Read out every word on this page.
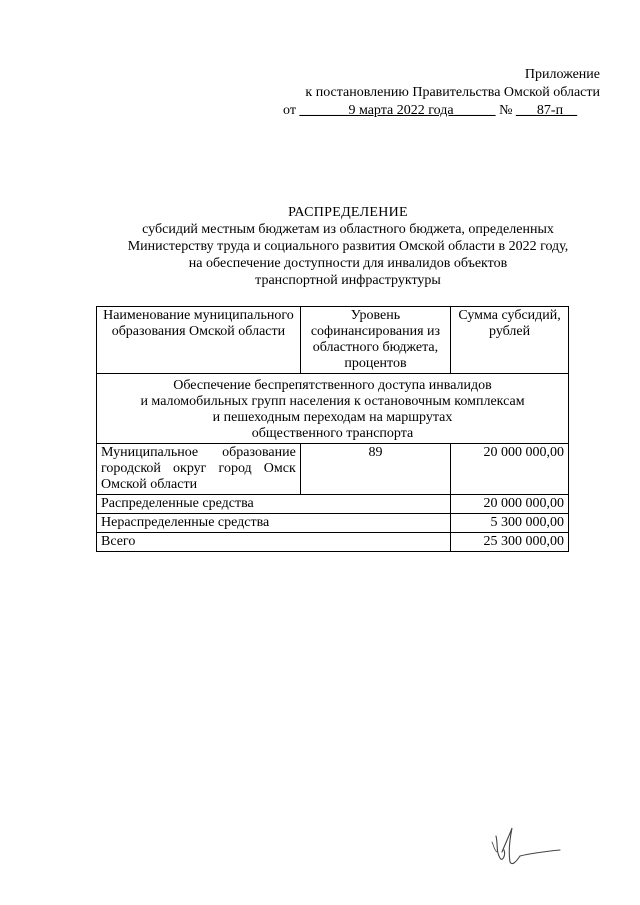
Приложение
к постановлению Правительства Омской области
от _______9 марта 2022 года______ № ___87-п__
РАСПРЕДЕЛЕНИЕ
субсидий местным бюджетам из областного бюджета, определенных
Министерству труда и социального развития Омской области в 2022 году,
на обеспечение доступности для инвалидов объектов
транспортной инфраструктуры
Наименование муниципального образования Омской области	Уровень софинансирования из областного бюджета, процентов	Сумма субсидий, рублей

Обеспечение беспрепятственного доступа инвалидов
и маломобильных групп населения к остановочным комплексам
и пешеходным переходам на маршрутах
общественного транспорта		

Муниципальное образование городской округ город Омск Омской области	89	20 000 000,00
Распределенные средства		20 000 000,00
Нераспределенные средства		5 300 000,00
Всего		25 300 000,00
